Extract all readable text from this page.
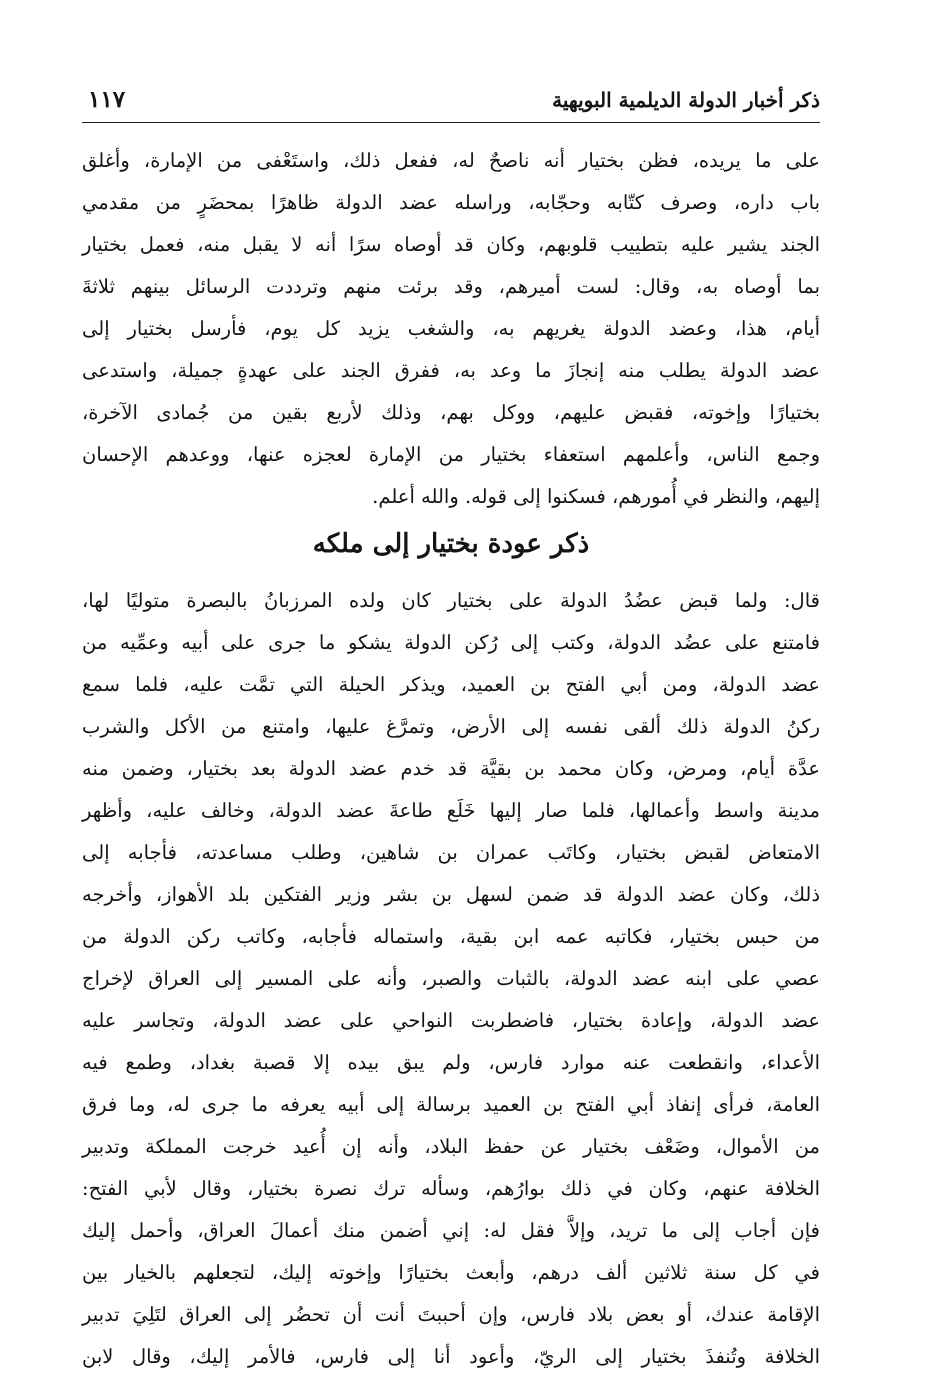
ذكر أخبار الدولة الديلمية البويهية
١١٧
على ما يريده، فظن بختيار أنه ناصحٌ له، ففعل ذلك، واستَعْفى من الإمارة، وأغلق
باب داره، وصرف كتّابه وحجّابه، وراسله عضد الدولة ظاهرًا بمحضَرٍ من مقدمي
الجند يشير عليه بتطييب قلوبهم، وكان قد أوصاه سرًا أنه لا يقبل منه، فعمل بختيار
بما أوصاه به، وقال: لست أميرهم، وقد برئت منهم وترددت الرسائل بينهم ثلاثةَ
أيام، هذا، وعضد الدولة يغريهم به، والشغب يزيد كل يوم، فأرسل بختيار إلى
عضد الدولة يطلب منه إنجازَ ما وعد به، ففرق الجند على عهدةٍ جميلة، واستدعى
بختيارًا وإخوته، فقبض عليهم، ووكل بهم، وذلك لأربع بقين من جُمادى الآخرة،
وجمع الناس، وأعلمهم استعفاء بختيار من الإمارة لعجزه عنها، ووعدهم الإحسان
إليهم، والنظر في أُمورهم، فسكنوا إلى قوله. والله أعلم.
ذكر عودة بختيار إلى ملكه
قال: ولما قبض عضُدُ الدولة على بختيار كان ولده المرزبانُ بالبصرة متوليًا لها،
فامتنع على عضُد الدولة، وكتب إلى رُكن الدولة يشكو ما جرى على أبيه وعمِّيه من
عضد الدولة، ومن أبي الفتح بن العميد، ويذكر الحيلة التي تمَّت عليه، فلما سمع
ركنُ الدولة ذلك ألقى نفسه إلى الأرض، وتمرَّغ عليها، وامتنع من الأكل والشرب
عدَّة أيام، ومرض، وكان محمد بن بقيَّة قد خدم عضد الدولة بعد بختيار، وضمن منه
مدينة واسط وأعمالها، فلما صار إليها خَلَع طاعةَ عضد الدولة، وخالف عليه، وأظهر
الامتعاض لقبض بختيار، وكاتَب عمران بن شاهين، وطلب مساعدته، فأجابه إلى
ذلك، وكان عضد الدولة قد ضمن لسهل بن بشر وزير الفتكين بلد الأهواز، وأخرجه
من حبس بختيار، فكاتبه عمه ابن بقية، واستماله فأجابه، وكاتب ركن الدولة من
عصي على ابنه عضد الدولة، بالثبات والصبر، وأنه على المسير إلى العراق لإخراج
عضد الدولة، وإعادة بختيار، فاضطربت النواحي على عضد الدولة، وتجاسر عليه
الأعداء، وانقطعت عنه موارد فارس، ولم يبق بيده إلا قصبة بغداد، وطمع فيه
العامة، فرأى إنفاذ أبي الفتح بن العميد برسالة إلى أبيه يعرفه ما جرى له، وما فرق
من الأموال، وضَعْف بختيار عن حفظ البلاد، وأنه إن أُعيد خرجت المملكة وتدبير
الخلافة عنهم، وكان في ذلك بوارُهم، وسأله ترك نصرة بختيار، وقال لأبي الفتح:
فإن أجاب إلى ما تريد، وإلاَّ فقل له: إني أضمن منك أعمالَ العراق، وأحمل إليك
في كل سنة ثلاثين ألف درهم، وأبعث بختيارًا وإخوته إليك، لتجعلهم بالخيار بين
الإقامة عندك، أو بعض بلاد فارس، وإن أحببتَ أنت أن تحضُر إلى العراق لتَلِيَ تدبير
الخلافة وتُنفذَ بختيار إلى الريّ، وأعود أنا إلى فارس، فالأمر إليك، وقال لابن
